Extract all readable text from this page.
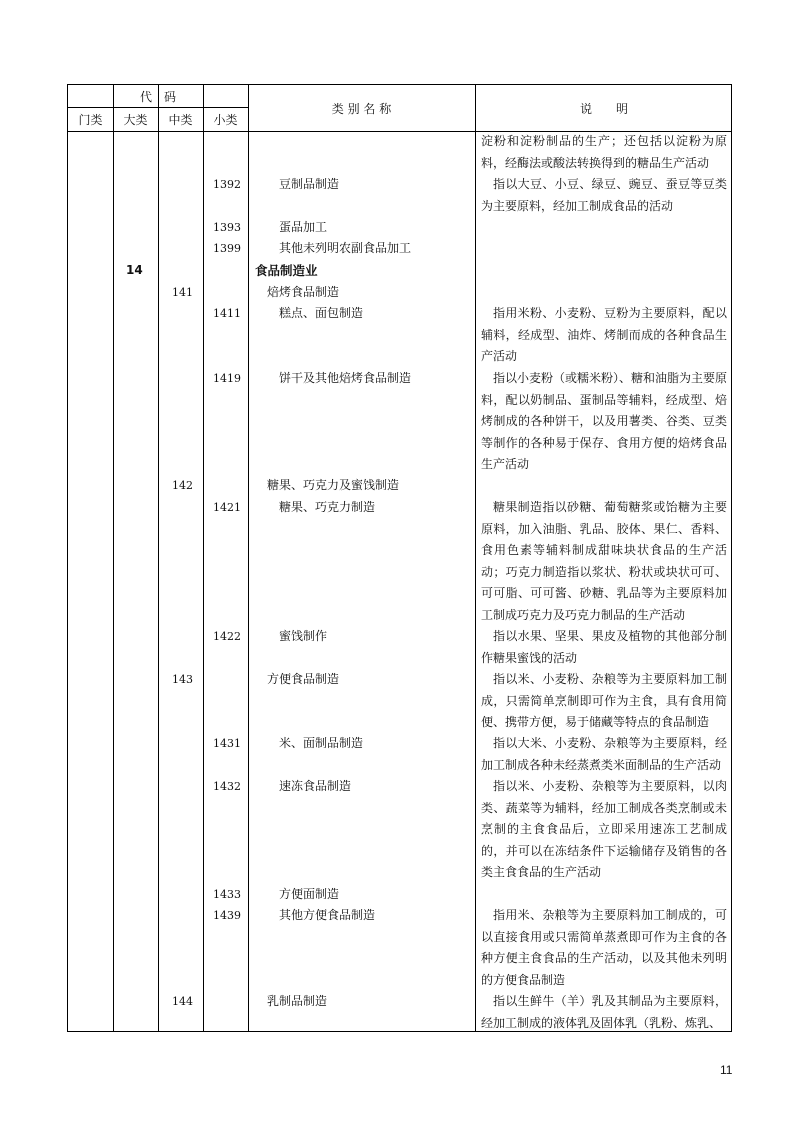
代　码
门类	大类	中类	小类
类 别 名 称	说　　明
淀粉和淀粉制品的生产；还包括以淀粉为原料，经酶法或酸法转换得到的糖品生产活动
1392	豆制品制造	指以大豆、小豆、绿豆、豌豆、蚕豆等豆类为主要原料，经加工制成食品的活动
1393	蛋品加工
1399	其他未列明农副食品加工
14	食品制造业
141	焙烤食品制造
1411	糕点、面包制造	指用米粉、小麦粉、豆粉为主要原料，配以辅料，经成型、油炸、烤制而成的各种食品生产活动
1419	饼干及其他焙烤食品制造	指以小麦粉（或糯米粉）、糖和油脂为主要原料，配以奶制品、蛋制品等辅料，经成型、焙烤制成的各种饼干，以及用薯类、谷类、豆类等制作的各种易于保存、食用方便的焙烤食品生产活动
142	糖果、巧克力及蜜饯制造
1421	糖果、巧克力制造	糖果制造指以砂糖、葡萄糖浆或饴糖为主要原料，加入油脂、乳品、胶体、果仁、香料、食用色素等辅料制成甜味块状食品的生产活动；巧克力制造指以浆状、粉状或块状可可、可可脂、可可酱、砂糖、乳品等为主要原料加工制成巧克力及巧克力制品的生产活动
1422	蜜饯制作	指以水果、坚果、果皮及植物的其他部分制作糖果蜜饯的活动
143	方便食品制造	指以米、小麦粉、杂粮等为主要原料加工制成，只需简单烹制即可作为主食，具有食用简便、携带方便，易于储藏等特点的食品制造
1431	米、面制品制造	指以大米、小麦粉、杂粮等为主要原料，经加工制成各种未经蒸煮类米面制品的生产活动
1432	速冻食品制造	指以米、小麦粉、杂粮等为主要原料，以肉类、蔬菜等为辅料，经加工制成各类烹制或未烹制的主食食品后，立即采用速冻工艺制成的，并可以在冻结条件下运输储存及销售的各类主食食品的生产活动
1433	方便面制造
1439	其他方便食品制造	指用米、杂粮等为主要原料加工制成的，可以直接食用或只需简单蒸煮即可作为主食的各种方便主食食品的生产活动，以及其他未列明的方便食品制造
144	乳制品制造	指以生鲜牛（羊）乳及其制品为主要原料，经加工制成的液体乳及固体乳（乳粉、炼乳、
11
